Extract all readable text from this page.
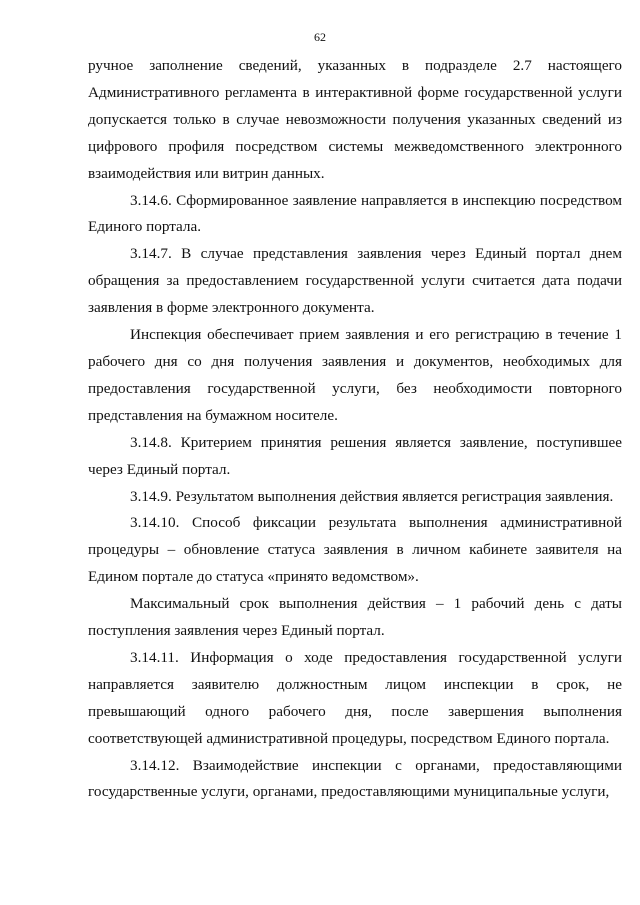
62

ручное заполнение сведений, указанных в подразделе 2.7 настоящего Административного регламента в интерактивной форме государственной услуги допускается только в случае невозможности получения указанных сведений из цифрового профиля посредством системы межведомственного электронного взаимодействия или витрин данных.

3.14.6. Сформированное заявление направляется в инспекцию посредством Единого портала.

3.14.7. В случае представления заявления через Единый портал днем обращения за предоставлением государственной услуги считается дата подачи заявления в форме электронного документа.

Инспекция обеспечивает прием заявления и его регистрацию в течение 1 рабочего дня со дня получения заявления и документов, необходимых для предоставления государственной услуги, без необходимости повторного представления на бумажном носителе.

3.14.8. Критерием принятия решения является заявление, поступившее через Единый портал.

3.14.9. Результатом выполнения действия является регистрация заявления.

3.14.10. Способ фиксации результата выполнения административной процедуры – обновление статуса заявления в личном кабинете заявителя на Едином портале до статуса «принято ведомством».

Максимальный срок выполнения действия – 1 рабочий день с даты поступления заявления через Единый портал.

3.14.11. Информация о ходе предоставления государственной услуги направляется заявителю должностным лицом инспекции в срок, не превышающий одного рабочего дня, после завершения выполнения соответствующей административной процедуры, посредством Единого портала.

3.14.12. Взаимодействие инспекции с органами, предоставляющими государственные услуги, органами, предоставляющими муниципальные услуги,
